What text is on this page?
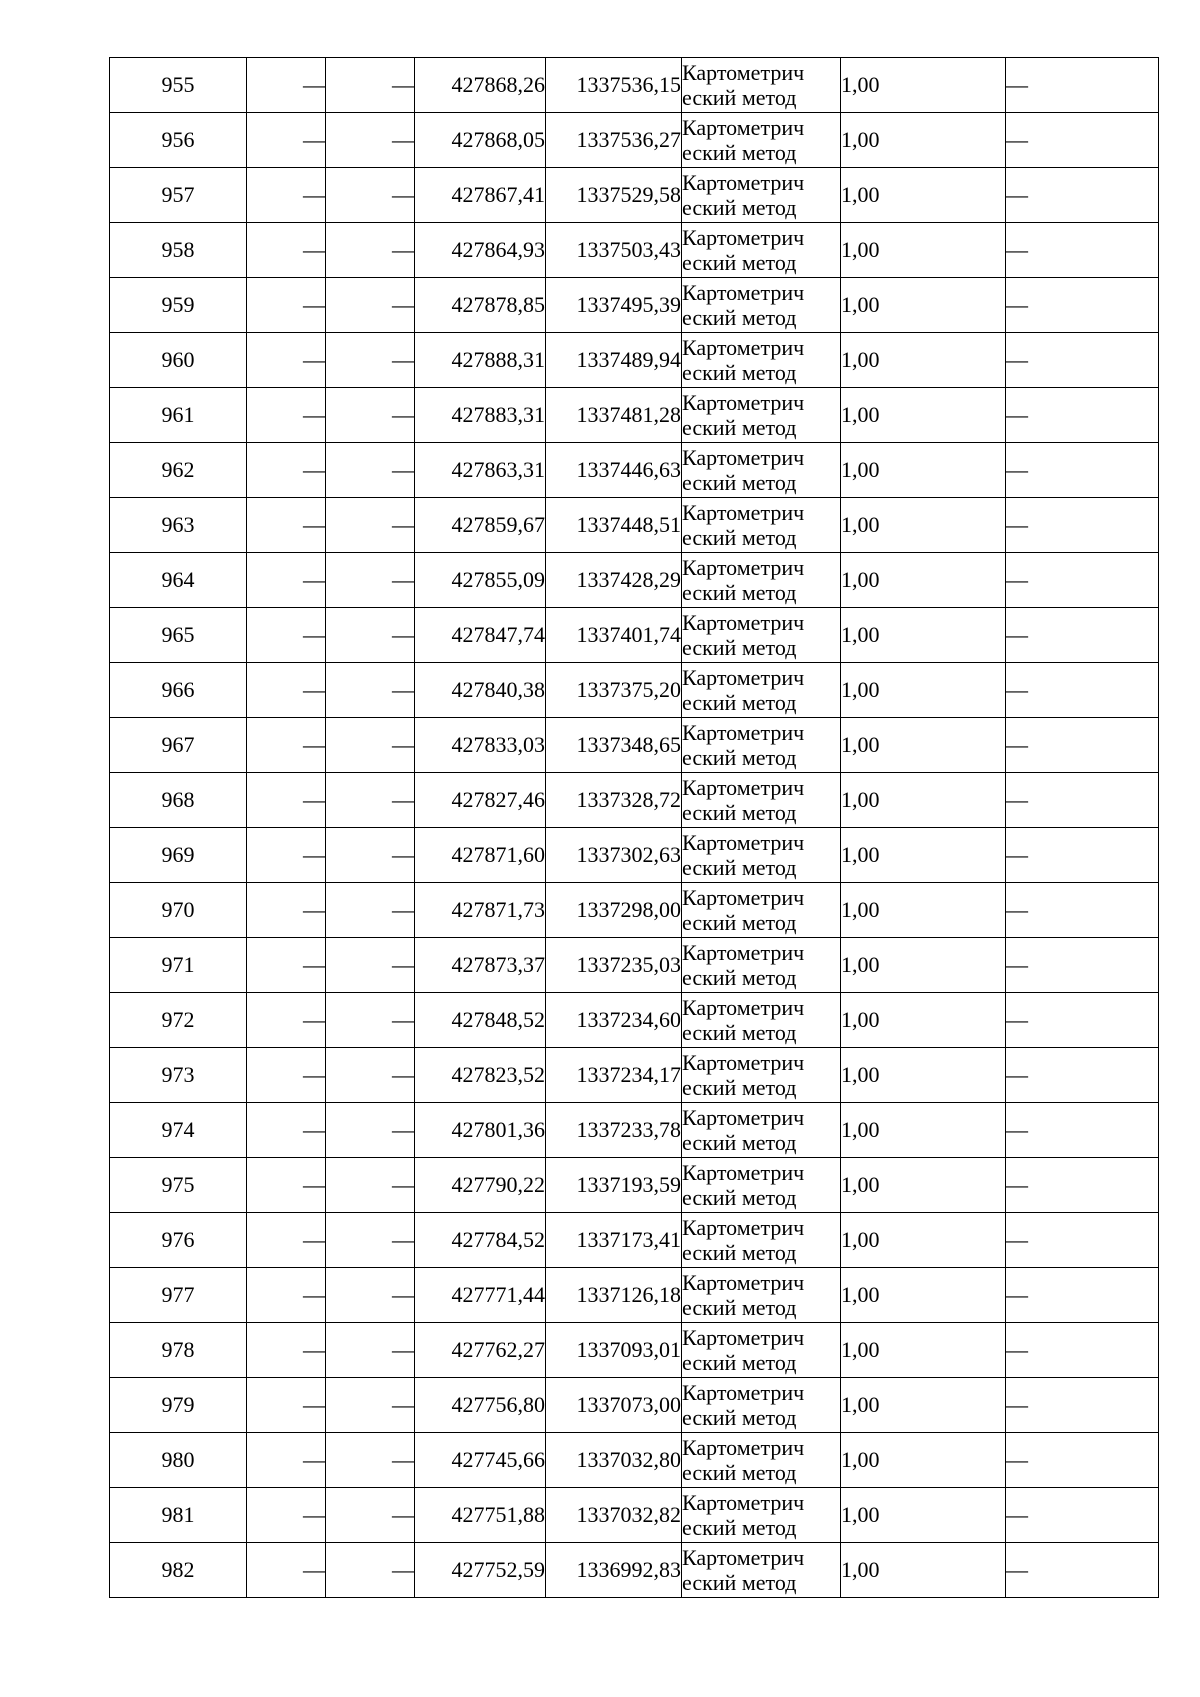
955	—	—	427868,26	1337536,15	Картометрич
еский метод	1,00	—
956	—	—	427868,05	1337536,27	Картометрич
еский метод	1,00	—
957	—	—	427867,41	1337529,58	Картометрич
еский метод	1,00	—
958	—	—	427864,93	1337503,43	Картометрич
еский метод	1,00	—
959	—	—	427878,85	1337495,39	Картометрич
еский метод	1,00	—
960	—	—	427888,31	1337489,94	Картометрич
еский метод	1,00	—
961	—	—	427883,31	1337481,28	Картометрич
еский метод	1,00	—
962	—	—	427863,31	1337446,63	Картометрич
еский метод	1,00	—
963	—	—	427859,67	1337448,51	Картометрич
еский метод	1,00	—
964	—	—	427855,09	1337428,29	Картометрич
еский метод	1,00	—
965	—	—	427847,74	1337401,74	Картометрич
еский метод	1,00	—
966	—	—	427840,38	1337375,20	Картометрич
еский метод	1,00	—
967	—	—	427833,03	1337348,65	Картометрич
еский метод	1,00	—
968	—	—	427827,46	1337328,72	Картометрич
еский метод	1,00	—
969	—	—	427871,60	1337302,63	Картометрич
еский метод	1,00	—
970	—	—	427871,73	1337298,00	Картометрич
еский метод	1,00	—
971	—	—	427873,37	1337235,03	Картометрич
еский метод	1,00	—
972	—	—	427848,52	1337234,60	Картометрич
еский метод	1,00	—
973	—	—	427823,52	1337234,17	Картометрич
еский метод	1,00	—
974	—	—	427801,36	1337233,78	Картометрич
еский метод	1,00	—
975	—	—	427790,22	1337193,59	Картометрич
еский метод	1,00	—
976	—	—	427784,52	1337173,41	Картометрич
еский метод	1,00	—
977	—	—	427771,44	1337126,18	Картометрич
еский метод	1,00	—
978	—	—	427762,27	1337093,01	Картометрич
еский метод	1,00	—
979	—	—	427756,80	1337073,00	Картометрич
еский метод	1,00	—
980	—	—	427745,66	1337032,80	Картометрич
еский метод	1,00	—
981	—	—	427751,88	1337032,82	Картометрич
еский метод	1,00	—
982	—	—	427752,59	1336992,83	Картометрич
еский метод	1,00	—
